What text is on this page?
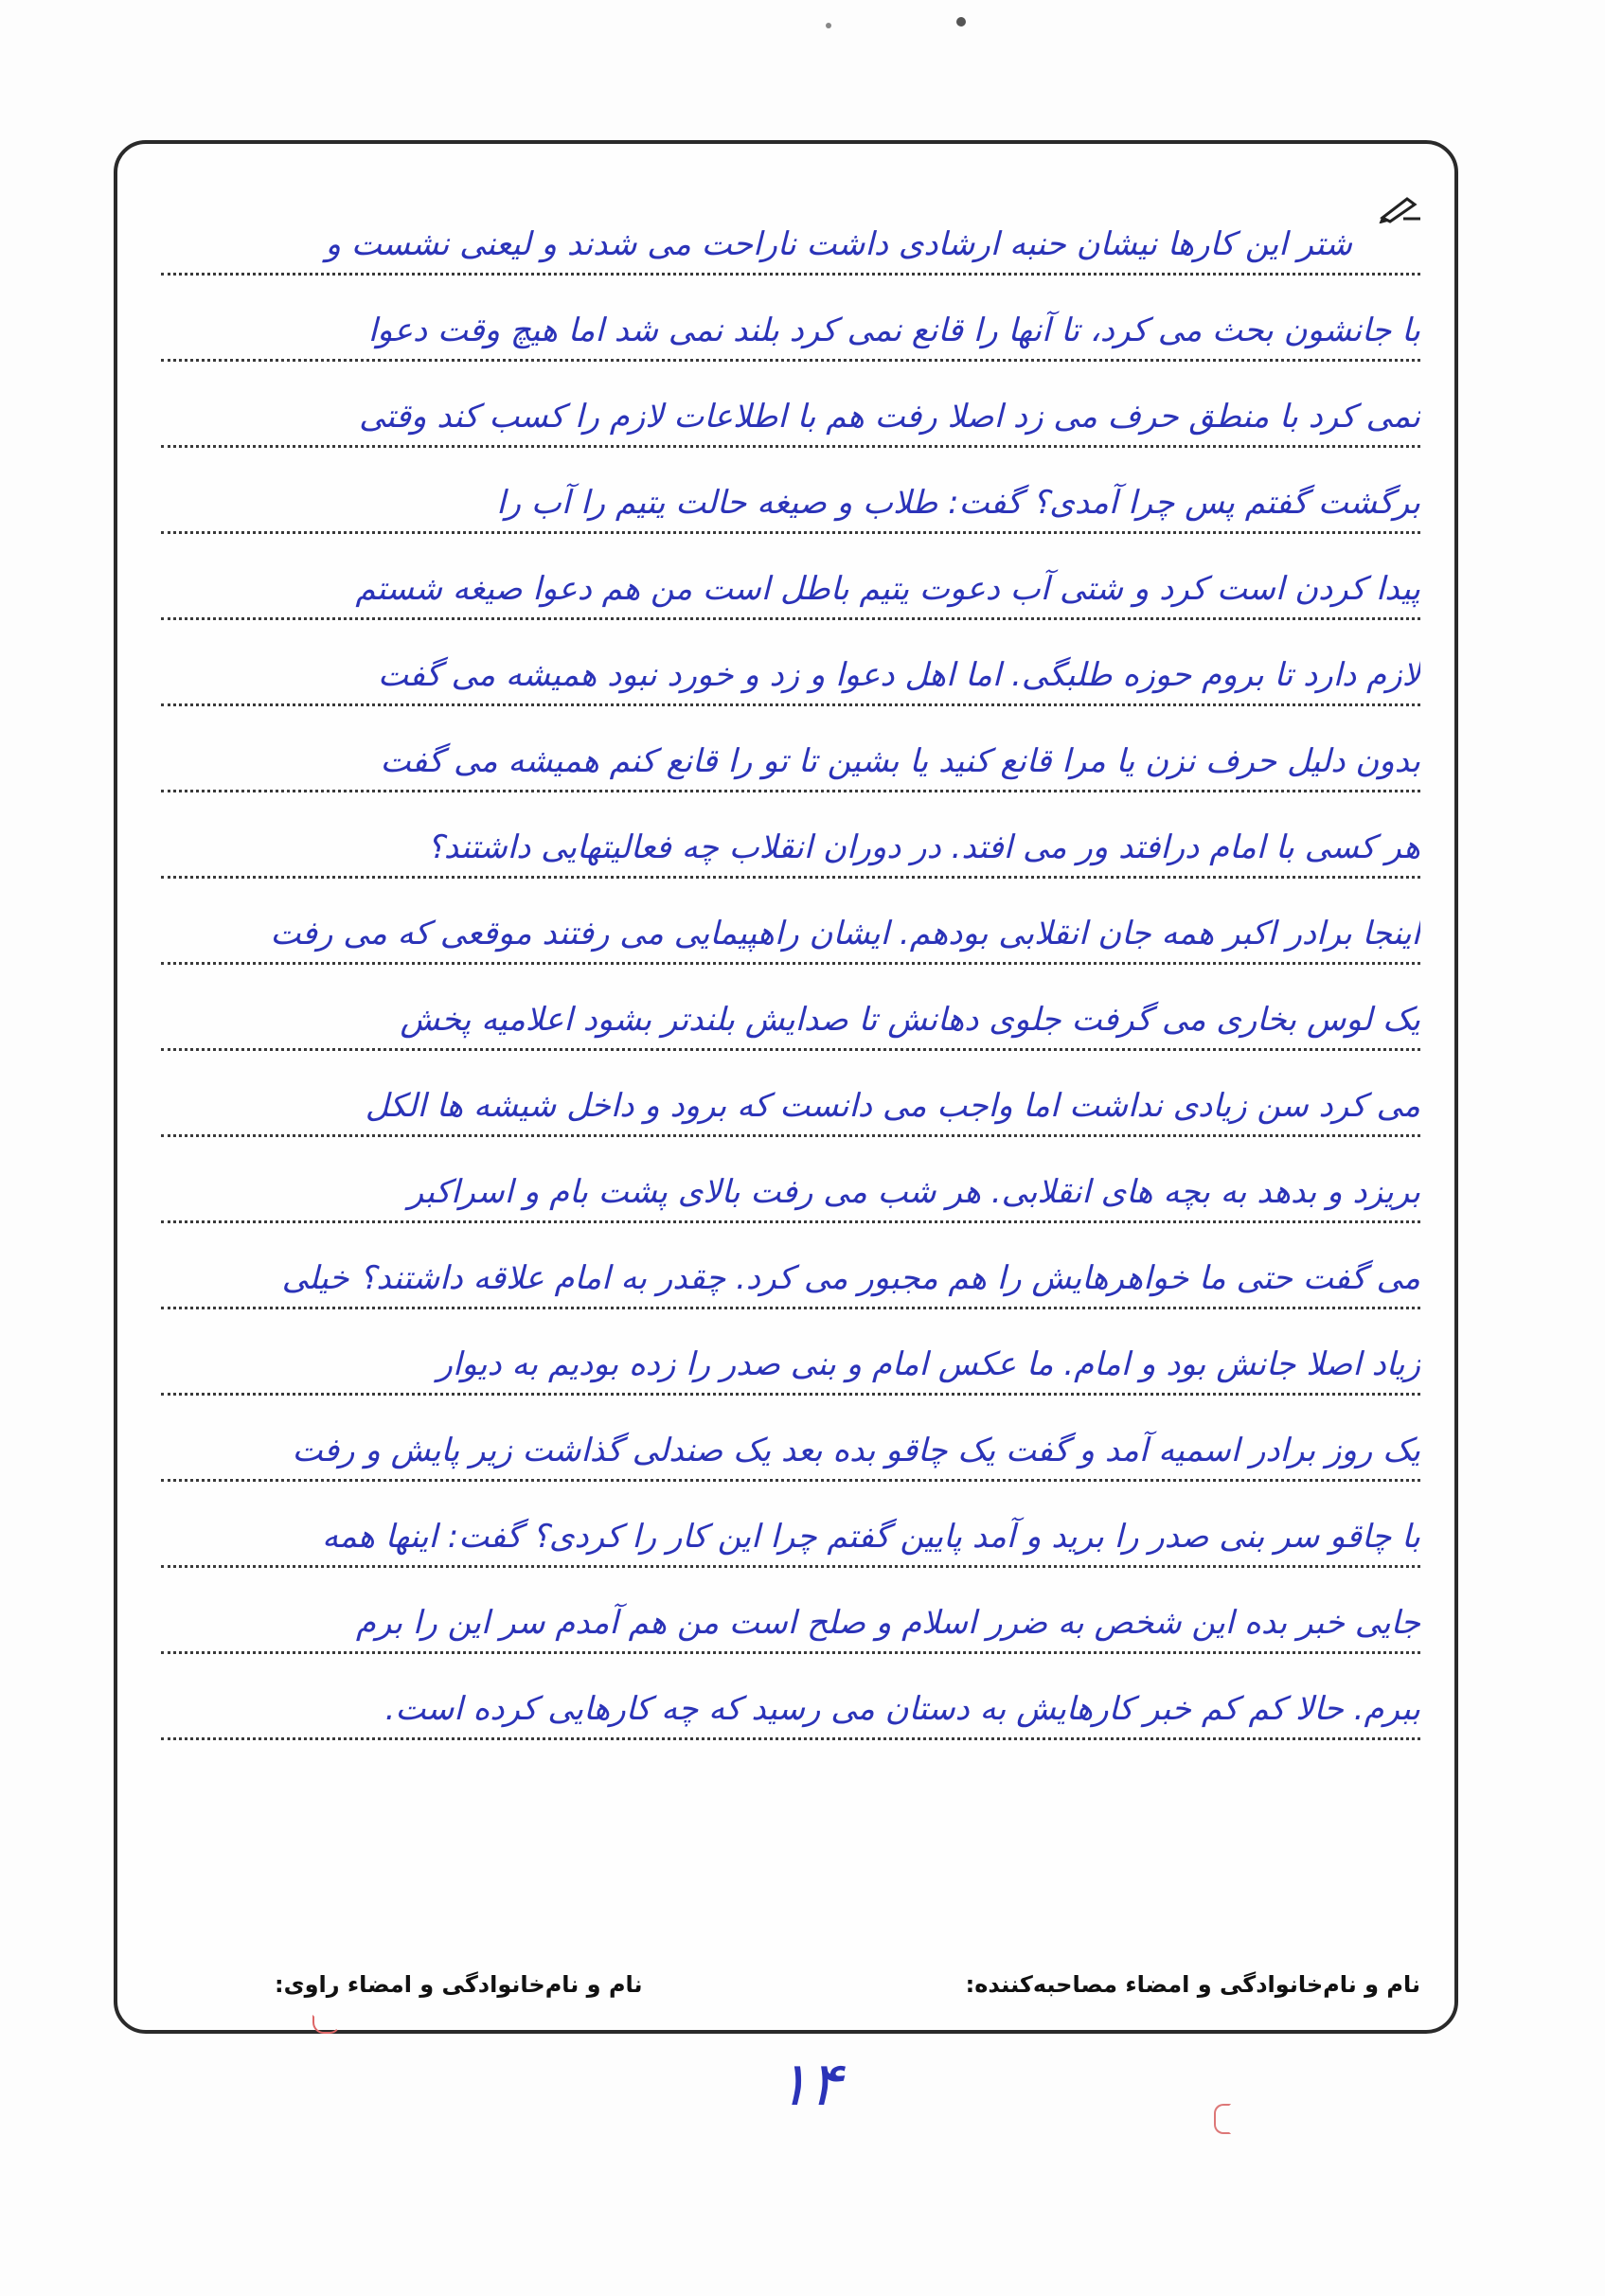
شتر این کارها نیشان حنبه ارشادی داشت ناراحت می شدند و لیعنی نشست و
با جانشون بحث می کرد، تا آنها را قانع نمی کرد بلند نمی شد اما هیچ وقت دعوا
نمی کرد با منطق حرف می زد اصلا رفت هم با اطلاعات لازم را کسب کند وقتی
برگشت گفتم پس چرا آمدی؟ گفت: طلاب و صیغه حالت یتیم را آب را
پیدا کردن است کرد و شتی آب دعوت یتیم باطل است من هم دعوا صیغه شستم
لازم دارد تا بروم حوزه طلبگی. اما اهل دعوا و زد و خورد نبود همیشه می گفت
بدون دلیل حرف نزن یا مرا قانع کنید یا بشین تا تو را قانع کنم همیشه می گفت
هر کسی با امام درافتد ور می افتد. در دوران انقلاب چه فعالیتهایی داشتند؟
اینجا برادر اکبر همه جان انقلابی بودهم. ایشان راهپیمایی می رفتند موقعی که می رفت
یک لوس بخاری می گرفت جلوی دهانش تا صدایش بلندتر بشود اعلامیه پخش
می کرد سن زیادی نداشت اما واجب می دانست که برود و داخل شیشه ها الکل
بریزد و بدهد به بچه های انقلابی. هر شب می رفت بالای پشت بام و اسراکبر
می گفت حتی ما خواهرهایش را هم مجبور می کرد. چقدر به امام علاقه داشتند؟ خیلی
زیاد اصلا جانش بود و امام. ما عکس امام و بنی صدر را زده بودیم به دیوار
یک روز برادر اسمیه آمد و گفت یک چاقو بده بعد یک صندلی گذاشت زیر پایش و رفت
با چاقو سر بنی صدر را برید و آمد پایین گفتم چرا این کار را کردی؟ گفت: اینها همه
جایی خبر بده این شخص به ضرر اسلام و صلح است من هم آمدم سر این را برم
ببرم. حالا کم کم خبر کارهایش به دستان می رسید که چه کارهایی کرده است.
نام و نام‌خانوادگی و امضاء مصاحبه‌کننده:
نام و نام‌خانوادگی و امضاء راوی:
۱۴
